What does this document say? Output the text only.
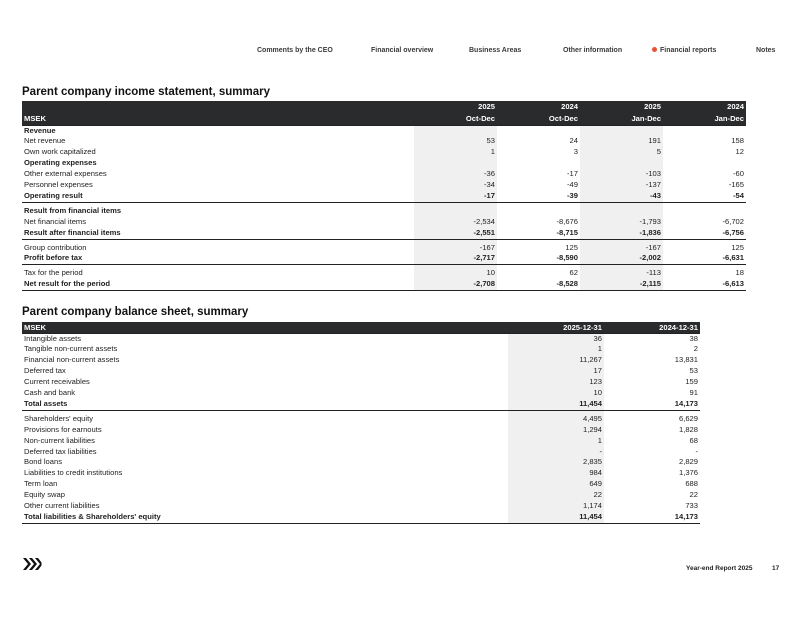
Comments by the CEO	Financial overview	Business Areas	Other information	Financial reports	Notes
Parent company income statement, summary
	2025	2024	2025	2024
MSEK	Oct-Dec	Oct-Dec	Jan-Dec	Jan-Dec
Revenue				
Net revenue	53	24	191	158
Own work capitalized	1	3	5	12
Operating expenses				
Other external expenses	-36	-17	-103	-60
Personnel expenses	-34	-49	-137	-165
Operating result	-17	-39	-43	-54

Result from financial items				
Net financial items	-2,534	-8,676	-1,793	-6,702
Result after financial items	-2,551	-8,715	-1,836	-6,756

Group contribution	-167	125	-167	125
Profit before tax	-2,717	-8,590	-2,002	-6,631

Tax for the period	10	62	-113	18
Net result for the period	-2,708	-8,528	-2,115	-6,613
Parent company balance sheet, summary
MSEK	2025-12-31	2024-12-31
Intangible assets	36	38
Tangible non-current assets	1	2
Financial non-current assets	11,267	13,831
Deferred tax	17	53
Current receivables	123	159
Cash and bank	10	91
Total assets	11,454	14,173

Shareholders' equity	4,495	6,629
Provisions for earnouts	1,294	1,828
Non-current liabilities	1	68
Deferred tax liabilities	-	-
Bond loans	2,835	2,829
Liabilities to credit institutions	984	1,376
Term loan	649	688
Equity swap	22	22
Other current liabilities	1,174	733
Total liabilities & Shareholders' equity	11,454	14,173
Year-end Report 2025	17
